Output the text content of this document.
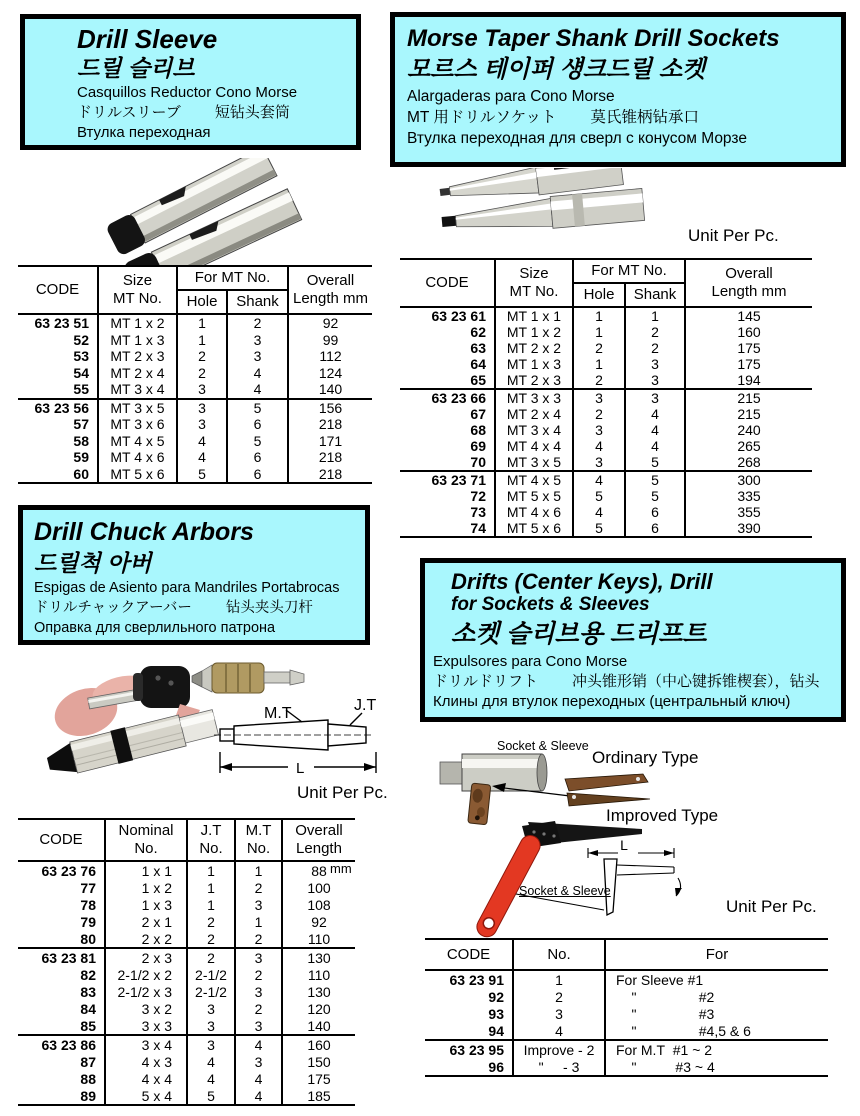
Drill Sleeve
드릴 슬리브
Casquillos Reductor Cono Morse
ドリルスリーブ 短钻头套筒
Втулка переходная
CODE	Size
MT No.	For MT No.		Overall
Length mm
		Hole	Shank	
63 23 51	MT 1 x 2	1	2	92
52	MT 1 x 3	1	3	99
53	MT 2 x 3	2	3	112
54	MT 2 x 4	2	4	124
55	MT 3 x 4	3	4	140
63 23 56	MT 3 x 5	3	5	156
57	MT 3 x 6	3	6	218
58	MT 4 x 5	4	5	171
59	MT 4 x 6	4	6	218
60	MT 5 x 6	5	6	218
Morse Taper Shank Drill Sockets
모르스 테이퍼 섕크드릴 소켓
Alargaderas para Cono Morse
MT 用ドリルソケット 莫氏锥柄钻承口
Втулка переходная для сверл с конусом Морзе
Unit Per Pc.
CODE	Size
MT No.	For MT No.		Overall
Length mm
		Hole	Shank	
63 23 61	MT 1 x 1	1	1	145
62	MT 1 x 2	1	2	160
63	MT 2 x 2	2	2	175
64	MT 1 x 3	1	3	175
65	MT 2 x 3	2	3	194
63 23 66	MT 3 x 3	3	3	215
67	MT 2 x 4	2	4	215
68	MT 3 x 4	3	4	240
69	MT 4 x 4	4	4	265
70	MT 3 x 5	3	5	268
63 23 71	MT 4 x 5	4	5	300
72	MT 5 x 5	5	5	335
73	MT 4 x 6	4	6	355
74	MT 5 x 6	5	6	390
Drill Chuck Arbors
드릴척 아버
Espigas de Asiento para Mandriles Portabrocas
ドリルチャックアーバー 钻头夹头刀杆
Оправка для сверлильного патрона
M.T	J.T
L
Unit Per Pc.
CODE	Nominal
No.	J.T
No.	M.T
No.	Overall
Length
63 23 76	1 x 1	1	1	88
77	1 x 2	1	2	100
78	1 x 3	1	3	108
79	2 x 1	2	1	92
80	2 x 2	2	2	110
63 23 81	2 x 3	2	3	130
82	2-1/2 x 2	2-1/2	2	110
83	2-1/2 x 3	2-1/2	3	130
84	3 x 2	3	2	120
85	3 x 3	3	3	140
63 23 86	3 x 4	3	4	160
87	4 x 3	4	3	150
88	4 x 4	4	4	175
89	5 x 4	5	4	185
mm
Drifts (Center Keys), Drill
for Sockets & Sleeves
소켓 슬리브용 드리프트
Expulsores para Cono Morse
ドリルドリフト 冲头锥形销（中心键拆锥楔套），钻头
Клины для втулок переходных (центральный ключ)
L
Socket & Sleeve
Ordinary Type
Improved Type
Socket & Sleeve
Unit Per Pc.
CODE	No.	For
63 23 91	1	For Sleeve #1
92	2	"                #2
93	3	"                #3
94	4	"                #4,5 & 6
63 23 95	Improve - 2	For M.T  #1 ~ 2
96	"     - 3	"          #3 ~ 4
